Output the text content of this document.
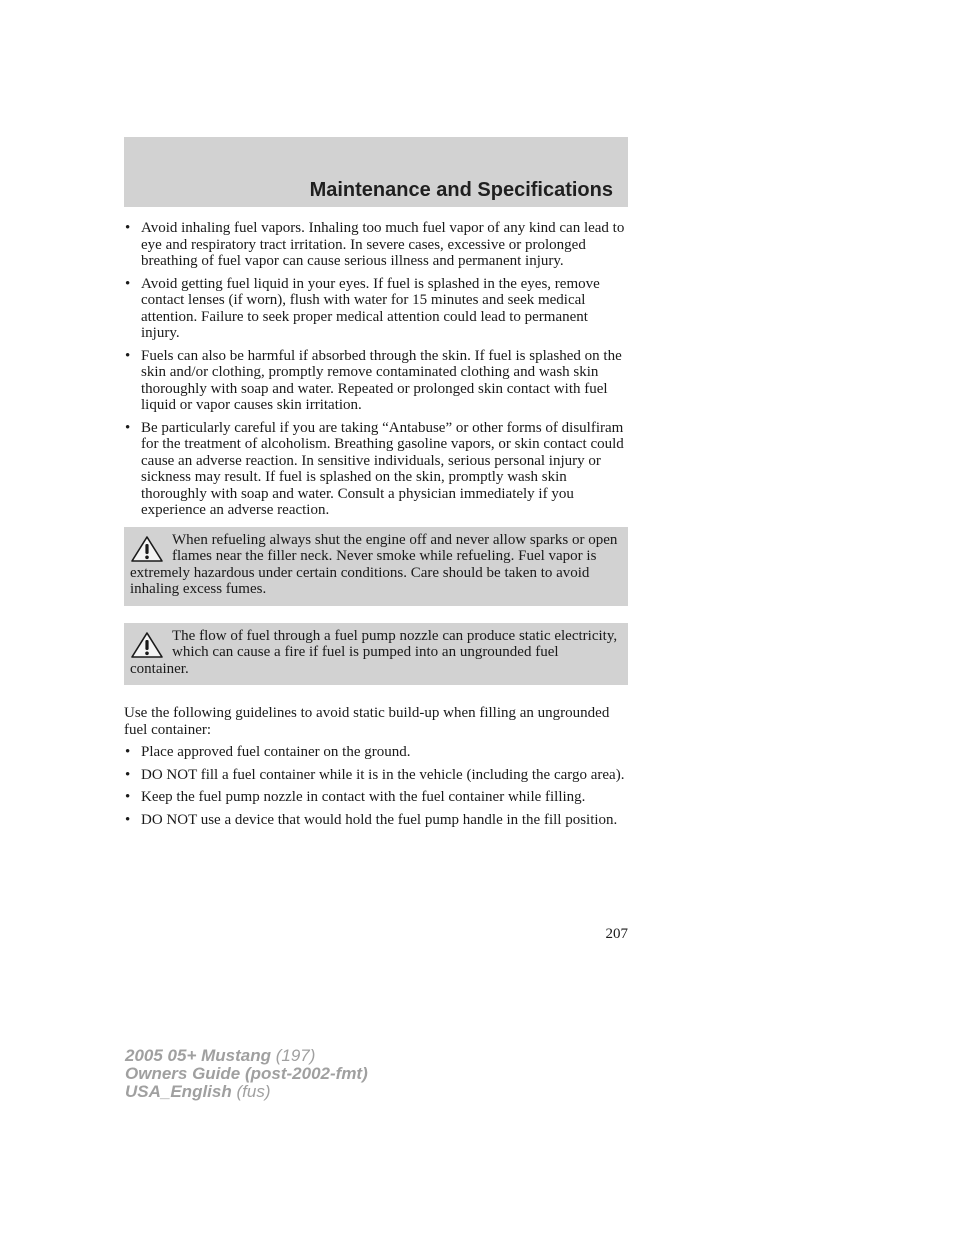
Maintenance and Specifications
• Avoid inhaling fuel vapors. Inhaling too much fuel vapor of any kind can lead to eye and respiratory tract irritation. In severe cases, excessive or prolonged breathing of fuel vapor can cause serious illness and permanent injury.
• Avoid getting fuel liquid in your eyes. If fuel is splashed in the eyes, remove contact lenses (if worn), flush with water for 15 minutes and seek medical attention. Failure to seek proper medical attention could lead to permanent injury.
• Fuels can also be harmful if absorbed through the skin. If fuel is splashed on the skin and/or clothing, promptly remove contaminated clothing and wash skin thoroughly with soap and water. Repeated or prolonged skin contact with fuel liquid or vapor causes skin irritation.
• Be particularly careful if you are taking “Antabuse” or other forms of disulfiram for the treatment of alcoholism. Breathing gasoline vapors, or skin contact could cause an adverse reaction. In sensitive individuals, serious personal injury or sickness may result. If fuel is splashed on the skin, promptly wash skin thoroughly with soap and water. Consult a physician immediately if you experience an adverse reaction.

When refueling always shut the engine off and never allow sparks or open flames near the filler neck. Never smoke while refueling. Fuel vapor is extremely hazardous under certain conditions. Care should be taken to avoid inhaling excess fumes.

The flow of fuel through a fuel pump nozzle can produce static electricity, which can cause a fire if fuel is pumped into an ungrounded fuel container.

Use the following guidelines to avoid static build-up when filling an ungrounded fuel container:

• Place approved fuel container on the ground.
• DO NOT fill a fuel container while it is in the vehicle (including the cargo area).
• Keep the fuel pump nozzle in contact with the fuel container while filling.
• DO NOT use a device that would hold the fuel pump handle in the fill position.
207
2005 05+ Mustang (197)
Owners Guide (post-2002-fmt)
USA_English (fus)
